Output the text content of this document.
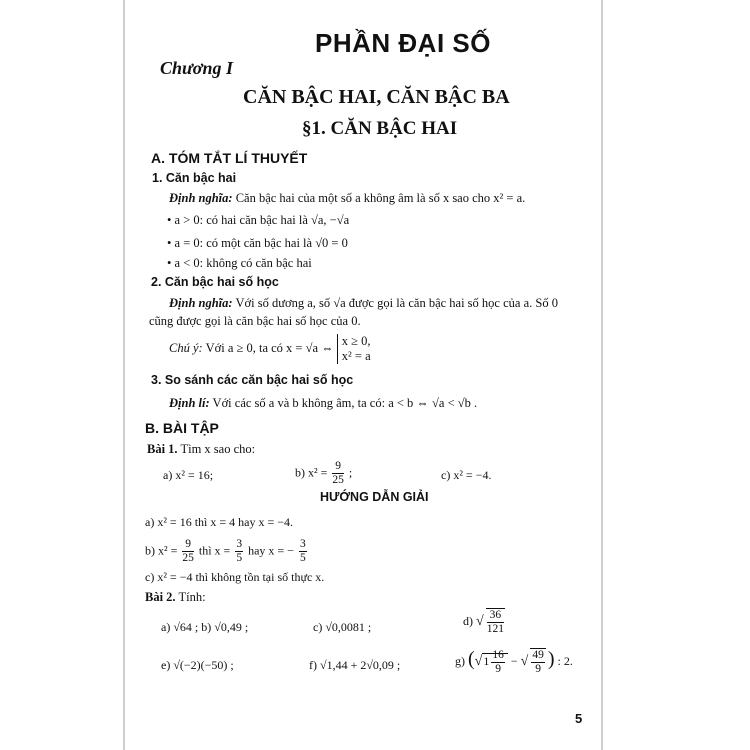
PHẦN ĐẠI SỐ
Chương I
CĂN BẬC HAI, CĂN BẬC BA
§1. CĂN BẬC HAI
A. TÓM TẮT LÍ THUYẾT
1. Căn bậc hai
Định nghĩa: Căn bậc hai của một số a không âm là số x sao cho x² = a.
• a > 0: có hai căn bậc hai là √a, −√a
• a = 0: có một căn bậc hai là √0 = 0
• a < 0: không có căn bậc hai
2. Căn bậc hai số học
Định nghĩa: Với số dương a, số √a được gọi là căn bậc hai số học của a. Số 0
cũng được gọi là căn bậc hai số học của 0.
Chú ý: Với a ≥ 0, ta có x = √a ⇔ x ≥ 0,
x² = a
3. So sánh các căn bậc hai số học
Định lí: Với các số a và b không âm, ta có: a < b ⇔ √a < √b .
B. BÀI TẬP
Bài 1. Tìm x sao cho:
a) x² = 16;	b) $x^2 = \frac{9}{25}$ ;	c) x² = −4.
HƯỚNG DẪN GIẢI
a) x² = 16 thì x = 4 hay x = −4.
b) $x^2 = \frac{9}{25}$ thì $x = \frac{3}{5}$ hay x = − $\frac{3}{5}$
c) x² = −4 thì không tồn tại số thực x.
Bài 2. Tính:
a) √64 ; b) √0,49 ;	c) √0,0081 ;	d) √ $\frac{36}{121}$
e) √(−2)(−50) ;	f) √1,44 + 2√0,09 ;	g) ($√1 \frac{16}{9}$ − √ $\frac{49}{9}$ ) : 2.
5
